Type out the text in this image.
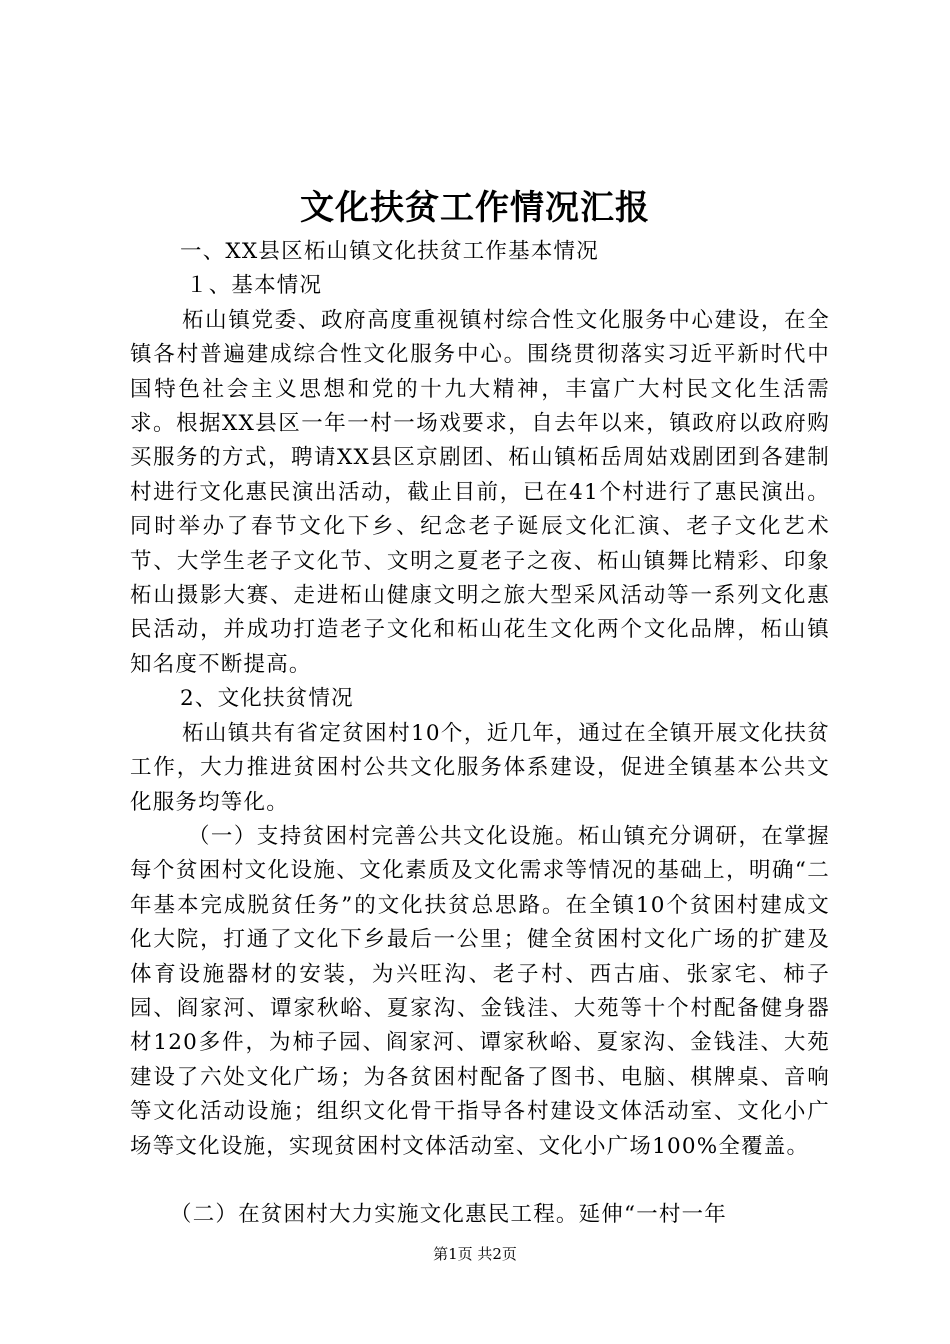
文化扶贫工作情况汇报

一、XX县区柘山镇文化扶贫工作基本情况

１、基本情况

柘山镇党委、政府高度重视镇村综合性文化服务中心建设，在全镇各村普遍建成综合性文化服务中心。围绕贯彻落实习近平新时代中国特色社会主义思想和党的十九大精神，丰富广大村民文化生活需求。根据XX县区一年一村一场戏要求，自去年以来，镇政府以政府购买服务的方式，聘请XX县区京剧团、柘山镇柘岳周姑戏剧团到各建制村进行文化惠民演出活动，截止目前，已在41个村进行了惠民演出。同时举办了春节文化下乡、纪念老子诞辰文化汇演、老子文化艺术节、大学生老子文化节、文明之夏老子之夜、柘山镇舞比精彩、印象柘山摄影大赛、走进柘山健康文明之旅大型采风活动等一系列文化惠民活动，并成功打造老子文化和柘山花生文化两个文化品牌，柘山镇知名度不断提高。

2、文化扶贫情况

柘山镇共有省定贫困村10个，近几年，通过在全镇开展文化扶贫工作，大力推进贫困村公共文化服务体系建设，促进全镇基本公共文化服务均等化。

（一）支持贫困村完善公共文化设施。柘山镇充分调研，在掌握每个贫困村文化设施、文化素质及文化需求等情况的基础上，明确“二年基本完成脱贫任务”的文化扶贫总思路。在全镇10个贫困村建成文化大院，打通了文化下乡最后一公里；健全贫困村文化广场的扩建及体育设施器材的安装，为兴旺沟、老子村、西古庙、张家宅、柿子园、阎家河、谭家秋峪、夏家沟、金钱洼、大苑等十个村配备健身器材120多件，为柿子园、阎家河、谭家秋峪、夏家沟、金钱洼、大苑建设了六处文化广场；为各贫困村配备了图书、电脑、棋牌桌、音响等文化活动设施；组织文化骨干指导各村建设文体活动室、文化小广场等文化设施，实现贫困村文体活动室、文化小广场100%全覆盖。

（二）在贫困村大力实施文化惠民工程。延伸“一村一年

第1页 共2页
